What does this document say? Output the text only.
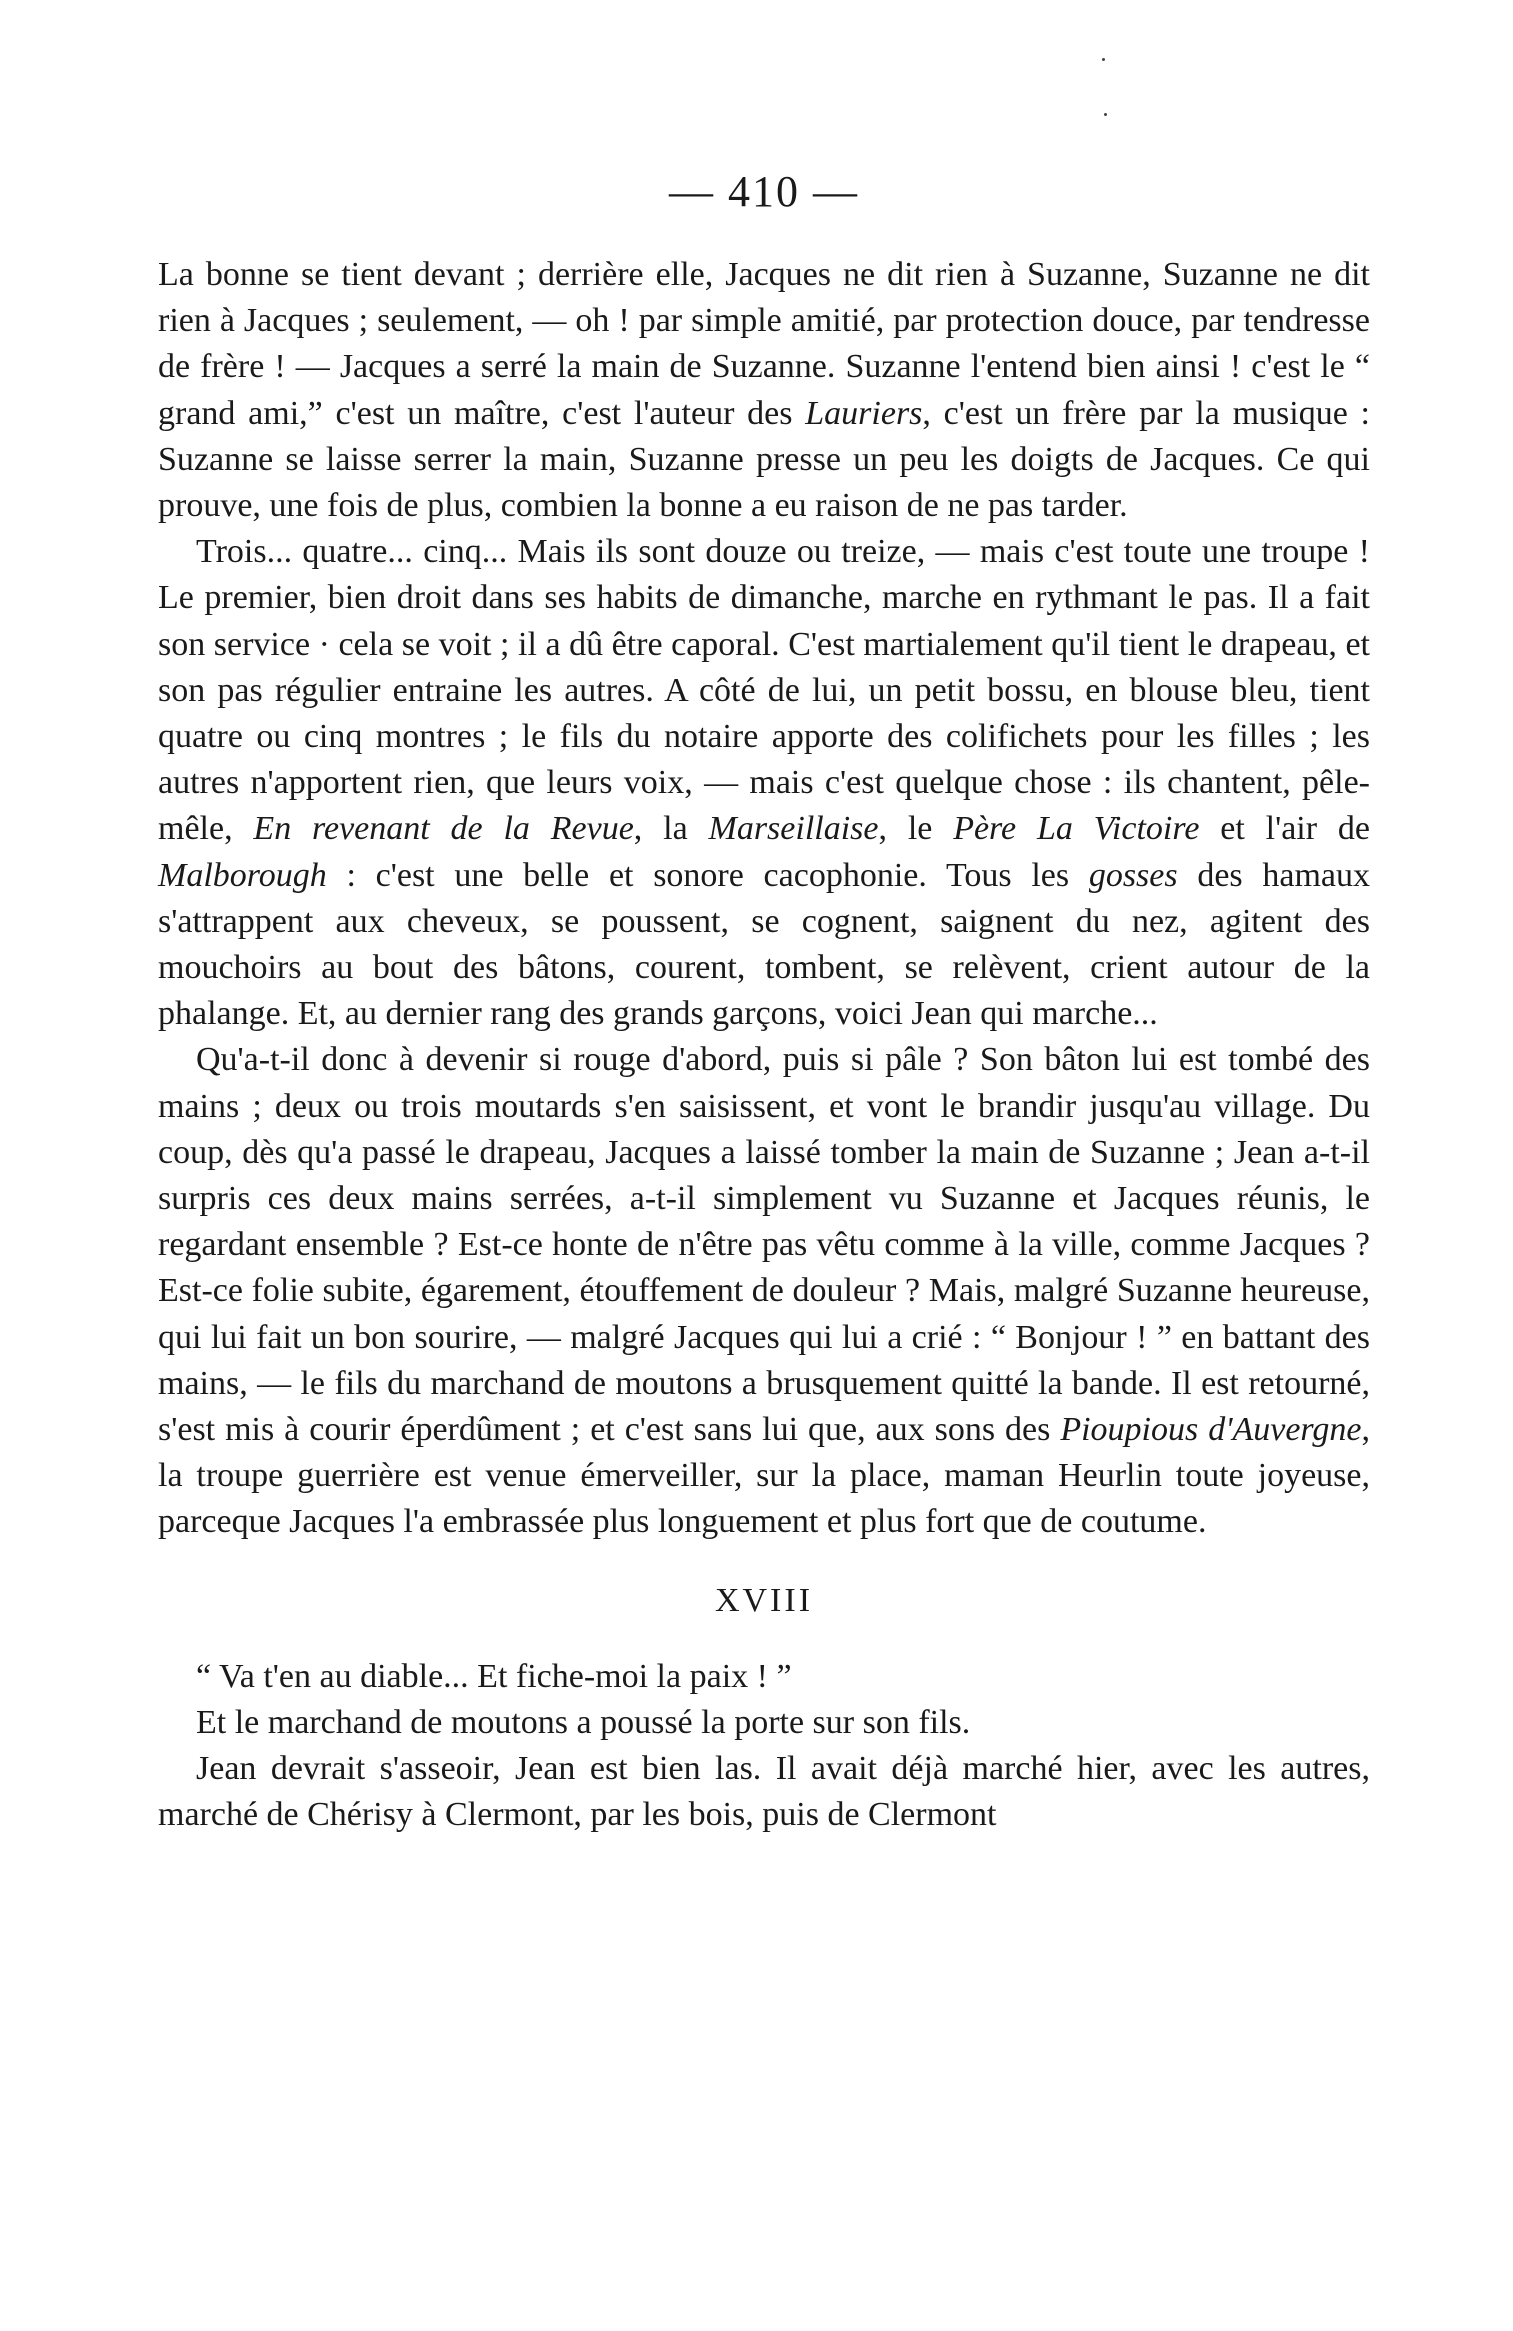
— 410 —

La bonne se tient devant ; derrière elle, Jacques ne dit rien à Suzanne, Suzanne ne dit rien à Jacques ; seulement, — oh ! par simple amitié, par protection douce, par tendresse de frère ! — Jacques a serré la main de Suzanne. Suzanne l'entend bien ainsi ! c'est le “ grand ami,” c'est un maître, c'est l'auteur des Lauriers, c'est un frère par la musique : Suzanne se laisse serrer la main, Suzanne presse un peu les doigts de Jacques. Ce qui prouve, une fois de plus, combien la bonne a eu raison de ne pas tarder.

Trois... quatre... cinq... Mais ils sont douze ou treize, — mais c'est toute une troupe ! Le premier, bien droit dans ses habits de dimanche, marche en rythmant le pas. Il a fait son service · cela se voit ; il a dû être caporal. C'est martialement qu'il tient le drapeau, et son pas régulier entraine les autres. A côté de lui, un petit bossu, en blouse bleu, tient quatre ou cinq montres ; le fils du notaire apporte des colifichets pour les filles ; les autres n'apportent rien, que leurs voix, — mais c'est quelque chose : ils chantent, pêle-mêle, En revenant de la Revue, la Marseillaise, le Père La Victoire et l'air de Malborough : c'est une belle et sonore cacophonie. Tous les gosses des hamaux s'attrappent aux cheveux, se poussent, se cognent, saignent du nez, agitent des mouchoirs au bout des bâtons, courent, tombent, se relèvent, crient autour de la phalange. Et, au dernier rang des grands garçons, voici Jean qui marche...

Qu'a-t-il donc à devenir si rouge d'abord, puis si pâle ? Son bâton lui est tombé des mains ; deux ou trois moutards s'en saisissent, et vont le brandir jusqu'au village. Du coup, dès qu'a passé le drapeau, Jacques a laissé tomber la main de Suzanne ; Jean a-t-il surpris ces deux mains serrées, a-t-il simplement vu Suzanne et Jacques réunis, le regardant ensemble ? Est-ce honte de n'être pas vêtu comme à la ville, comme Jacques ? Est-ce folie subite, égarement, étouffement de douleur ? Mais, malgré Suzanne heureuse, qui lui fait un bon sourire, — malgré Jacques qui lui a crié : “ Bonjour ! ” en battant des mains, — le fils du marchand de moutons a brusquement quitté la bande. Il est retourné, s'est mis à courir éperdûment ; et c'est sans lui que, aux sons des Pioupious d'Auvergne, la troupe guerrière est venue émerveiller, sur la place, maman Heurlin toute joyeuse, parceque Jacques l'a embrassée plus longuement et plus fort que de coutume.

XVIII

“ Va t'en au diable... Et fiche-moi la paix ! ”

Et le marchand de moutons a poussé la porte sur son fils.

Jean devrait s'asseoir, Jean est bien las. Il avait déjà marché hier, avec les autres, marché de Chérisy à Clermont, par les bois, puis de Clermont
